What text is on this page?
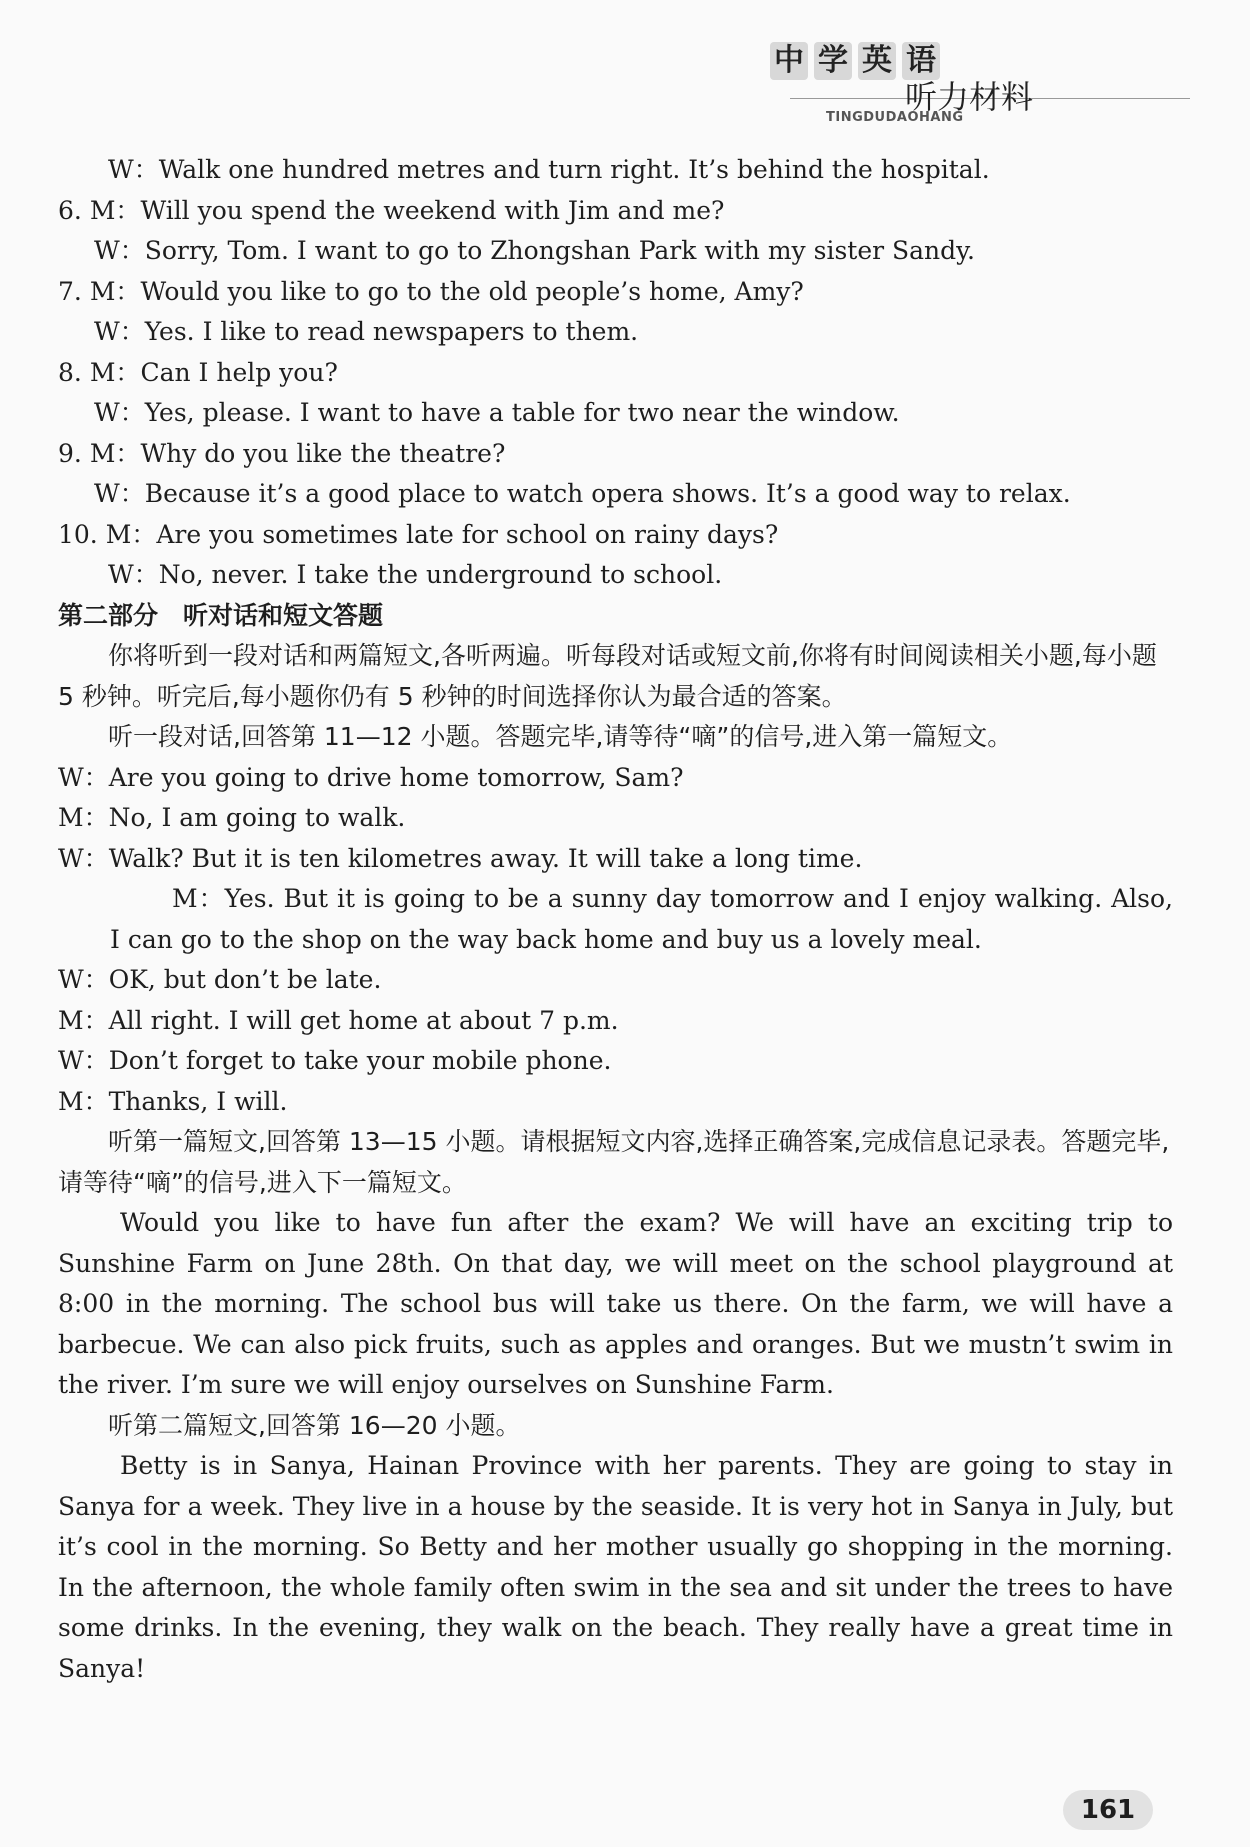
中 学 英 语
听力材料
TINGDUDAOHANG
W：Walk one hundred metres and turn right. It’s behind the hospital.
6. M：Will you spend the weekend with Jim and me?
W：Sorry, Tom. I want to go to Zhongshan Park with my sister Sandy.
7. M：Would you like to go to the old people’s home, Amy?
W：Yes. I like to read newspapers to them.
8. M：Can I help you?
W：Yes, please. I want to have a table for two near the window.
9. M：Why do you like the theatre?
W：Because it’s a good place to watch opera shows. It’s a good way to relax.
10. M：Are you sometimes late for school on rainy days?
W：No, never. I take the underground to school.
第二部分　听对话和短文答题
你将听到一段对话和两篇短文,各听两遍。听每段对话或短文前,你将有时间阅读相关小题,每小题 5 秒钟。听完后,每小题你仍有 5 秒钟的时间选择你认为最合适的答案。
听一段对话,回答第 11—12 小题。答题完毕,请等待“嘀”的信号,进入第一篇短文。
W：Are you going to drive home tomorrow, Sam?
M：No, I am going to walk.
W：Walk? But it is ten kilometres away. It will take a long time.
M：Yes. But it is going to be a sunny day tomorrow and I enjoy walking. Also, I can go to the shop on the way back home and buy us a lovely meal.
W：OK, but don’t be late.
M：All right. I will get home at about 7 p.m.
W：Don’t forget to take your mobile phone.
M：Thanks, I will.
听第一篇短文,回答第 13—15 小题。请根据短文内容,选择正确答案,完成信息记录表。答题完毕,请等待“嘀”的信号,进入下一篇短文。
Would you like to have fun after the exam? We will have an exciting trip to Sunshine Farm on June 28th. On that day, we will meet on the school playground at 8:00 in the morning. The school bus will take us there. On the farm, we will have a barbecue. We can also pick fruits, such as apples and oranges. But we mustn’t swim in the river. I’m sure we will enjoy ourselves on Sunshine Farm.
听第二篇短文,回答第 16—20 小题。
Betty is in Sanya, Hainan Province with her parents. They are going to stay in Sanya for a week. They live in a house by the seaside. It is very hot in Sanya in July, but it’s cool in the morning. So Betty and her mother usually go shopping in the morning. In the afternoon, the whole family often swim in the sea and sit under the trees to have some drinks. In the evening, they walk on the beach. They really have a great time in Sanya!
161
